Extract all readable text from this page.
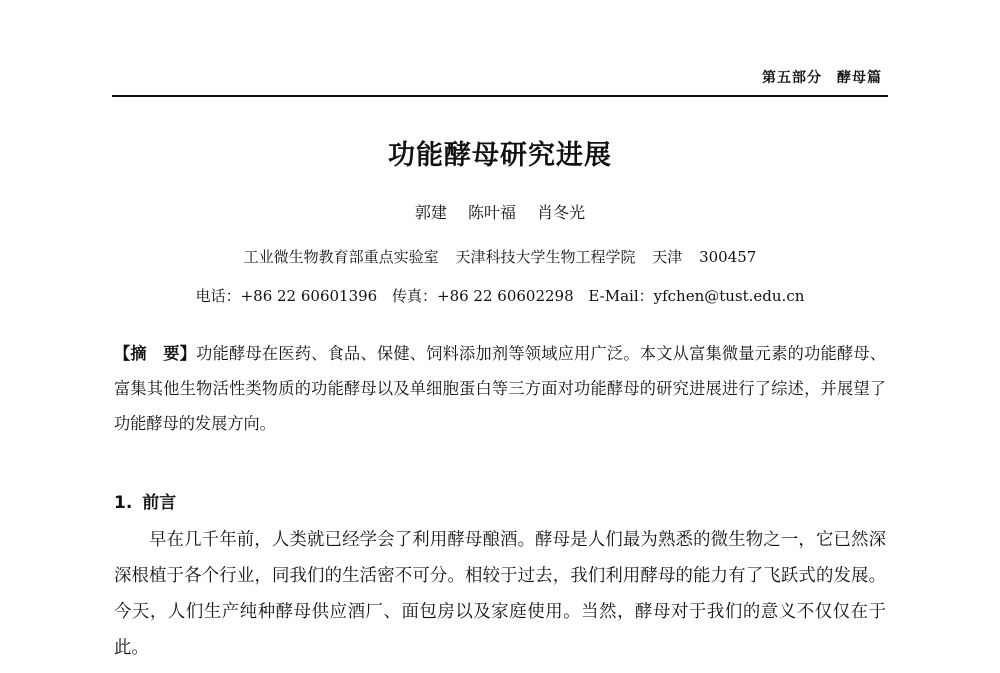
第五部分　酵母篇
功能酵母研究进展
郭建 陈叶福 肖冬光
工业微生物教育部重点实验室 天津科技大学生物工程学院 天津 300457
电话：+86 22 60601396 传真：+86 22 60602298 E-Mail：yfchen@tust.edu.cn
【摘　要】功能酵母在医药、食品、保健、饲料添加剂等领域应用广泛。本文从富集微量元素的功能酵母、富集其他生物活性类物质的功能酵母以及单细胞蛋白等三方面对功能酵母的研究进展进行了综述，并展望了功能酵母的发展方向。
1. 前言
早在几千年前，人类就已经学会了利用酵母酿酒。酵母是人们最为熟悉的微生物之一，它已然深深根植于各个行业，同我们的生活密不可分。相较于过去，我们利用酵母的能力有了飞跃式的发展。今天，人们生产纯种酵母供应酒厂、面包房以及家庭使用。当然，酵母对于我们的意义不仅仅在于此。
